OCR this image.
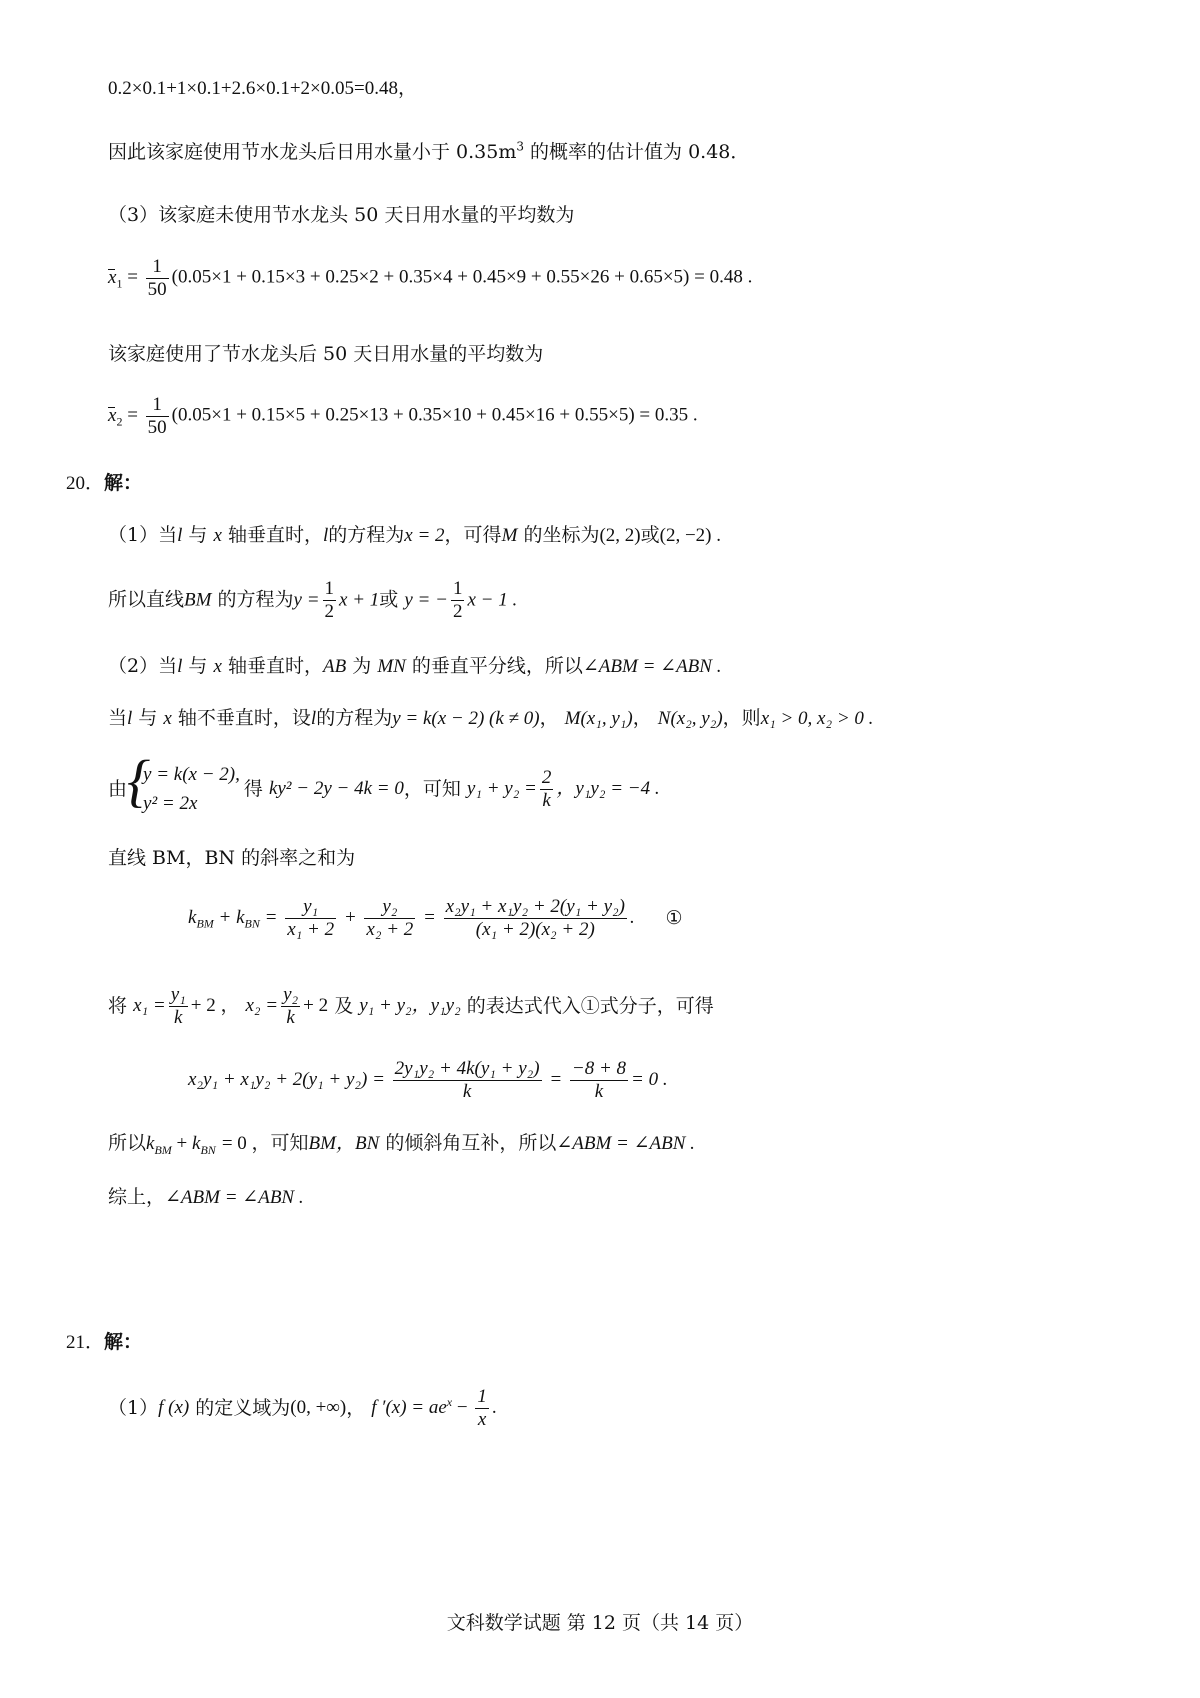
0.2×0.1+1×0.1+2.6×0.1+2×0.05=0.48，
因此该家庭使用节水龙头后日用水量小于 $0.35m^3$ 的概率的估计值为 0.48．
（3）该家庭未使用节水龙头 50 天日用水量的平均数为
$x_1 = \frac{1}{50} (0.05\times 1 + 0.15\times 3 + 0.25\times 2 + 0.35\times 4 + 0.45\times 9 + 0.55\times 26 + 0.65\times 5) = 0.48$ .
该家庭使用了节水龙头后 50 天日用水量的平均数为
$x_2 = \frac{1}{50} (0.05\times 1 + 0.15\times 5 + 0.25\times 13 + 0.35\times 10 + 0.45\times 16 + 0.55\times 5) = 0.35$ .
20．解：
（1）当l 与 x 轴垂直时，l的方程为x = 2，可得M 的坐标为(2, 2)或(2, −2) .
所以直线BM 的方程为$y = \frac{1}{2}$ x + 1或 y = − $\frac{1}{2}$ x − 1 .
（2）当l 与 x 轴垂直时，AB 为 MN 的垂直平分线，所以∠ABM = ∠ABN .
当l 与 x 轴不垂直时，设l的方程为y = k(x − 2) (k ≠ 0)， M(x₁, y₁)， N(x₂, y₂)，则x₁ > 0, x₂ > 0 .
由
{ y = k(x − 2),
y² = 2x
得 ky² − 2y − 4k = 0，可知 $y_1 + y_2 = \frac{2}{k}$ ，y₁y₂ = −4 .
直线 BM，BN 的斜率之和为
$k_{BM} + k_{BN} = \frac{\text{y₁}}{\text{x₁ + 2}} + \frac{\text{y₂}}{\text{x₂ + 2}} = \frac{\text{x₂y₁ + x₁y₂ + 2(y₁ + y₂)}}{\text{(x₁ + 2)(x₂ + 2)}}$ . ①
将 $x_1 = \frac{\text{y₁}}{k} + 2$ ， $x_2 = \frac{\text{y₂}}{k} + 2$ 及 y₁ + y₂，y₁y₂ 的表达式代入①式分子，可得
$x_2y_1 + x_1y_2 + 2(y_1 + y_2) = \frac{\text{2y₁y₂ + 4k(y₁ + y₂)}}{k} = \frac{-8 + 8}{k} = 0$ .
所以$k_{BM} + k_{BN} = 0$ ，可知BM，BN 的倾斜角互补，所以∠ABM = ∠ABN .
综上，∠ABM = ∠ABN .
21．解：
（1）f (x) 的定义域为(0, +∞)， f $'(x) = ae^x - \frac{1}{x}$ .
文科数学试题 第 12 页（共 14 页）
